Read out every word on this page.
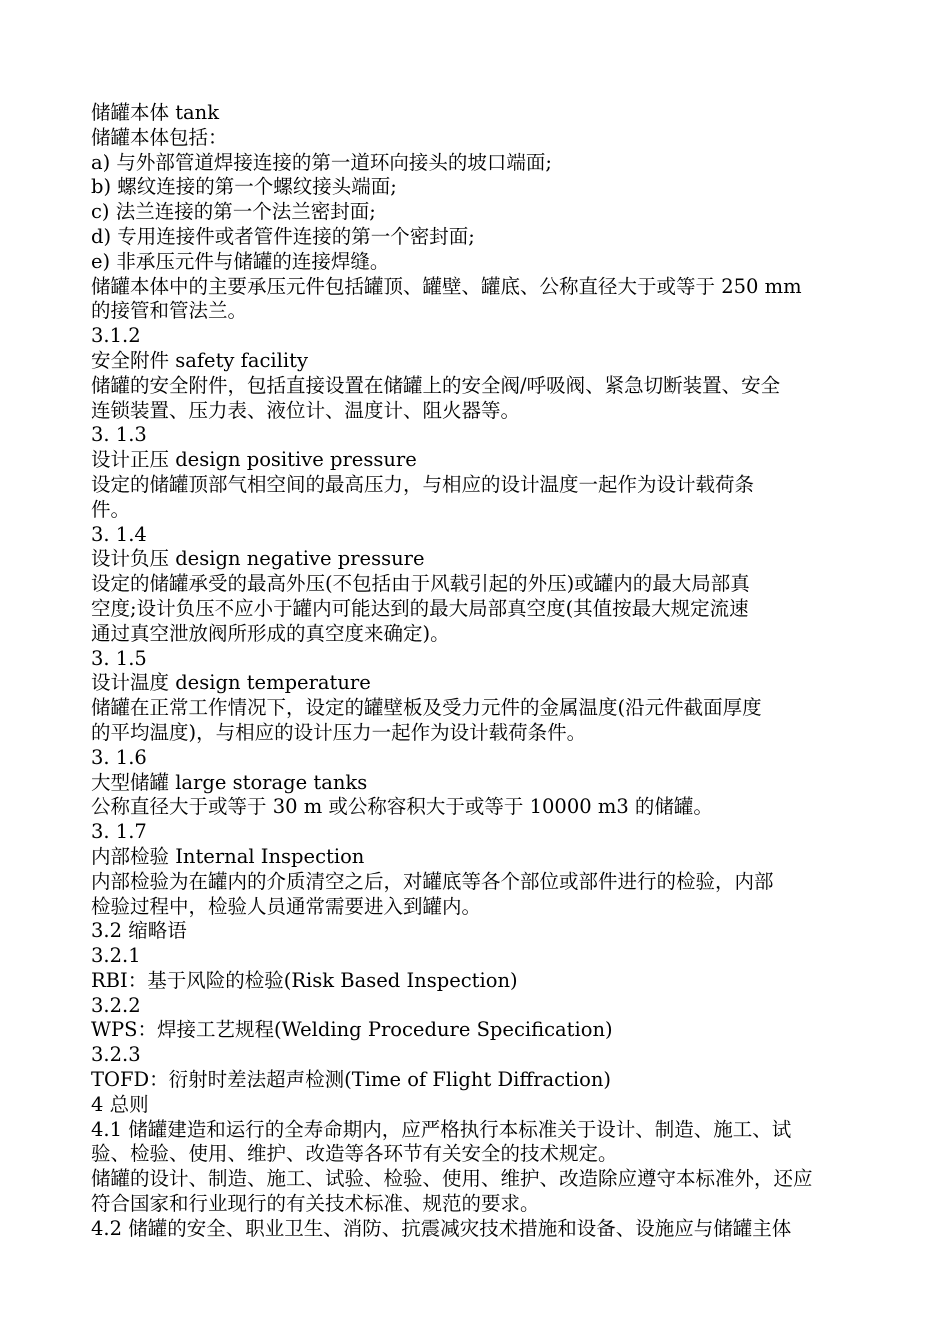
储罐本体 tank
储罐本体包括：
a) 与外部管道焊接连接的第一道环向接头的坡口端面;
b) 螺纹连接的第一个螺纹接头端面;
c) 法兰连接的第一个法兰密封面;
d) 专用连接件或者管件连接的第一个密封面;
e) 非承压元件与储罐的连接焊缝。
储罐本体中的主要承压元件包括罐顶、罐壁、罐底、公称直径大于或等于 250 mm
的接管和管法兰。
3.1.2
安全附件 safety facility
储罐的安全附件，包括直接设置在储罐上的安全阀/呼吸阀、紧急切断装置、安全
连锁装置、压力表、液位计、温度计、阻火器等。
3. 1.3
设计正压 design positive pressure
设定的储罐顶部气相空间的最高压力，与相应的设计温度一起作为设计载荷条
件。
3. 1.4
设计负压 design negative pressure
设定的储罐承受的最高外压(不包括由于风载引起的外压)或罐内的最大局部真
空度;设计负压不应小于罐内可能达到的最大局部真空度(其值按最大规定流速
通过真空泄放阀所形成的真空度来确定)。
3. 1.5
设计温度 design temperature
储罐在正常工作情况下，设定的罐壁板及受力元件的金属温度(沿元件截面厚度
的平均温度)，与相应的设计压力一起作为设计载荷条件。
3. 1.6
大型储罐 large storage tanks
公称直径大于或等于 30 m 或公称容积大于或等于 10000 m3 的储罐。
3. 1.7
内部检验 Internal Inspection
内部检验为在罐内的介质清空之后，对罐底等各个部位或部件进行的检验，内部
检验过程中，检验人员通常需要进入到罐内。
3.2 缩略语
3.2.1
RBI：基于风险的检验(Risk Based Inspection)
3.2.2
WPS：焊接工艺规程(Welding Procedure Specification)
3.2.3
TOFD：衍射时差法超声检测(Time of Flight Diffraction)
4 总则
4.1 储罐建造和运行的全寿命期内，应严格执行本标准关于设计、制造、施工、试
验、检验、使用、维护、改造等各环节有关安全的技术规定。
储罐的设计、制造、施工、试验、检验、使用、维护、改造除应遵守本标准外，还应
符合国家和行业现行的有关技术标准、规范的要求。
4.2 储罐的安全、职业卫生、消防、抗震减灾技术措施和设备、设施应与储罐主体
